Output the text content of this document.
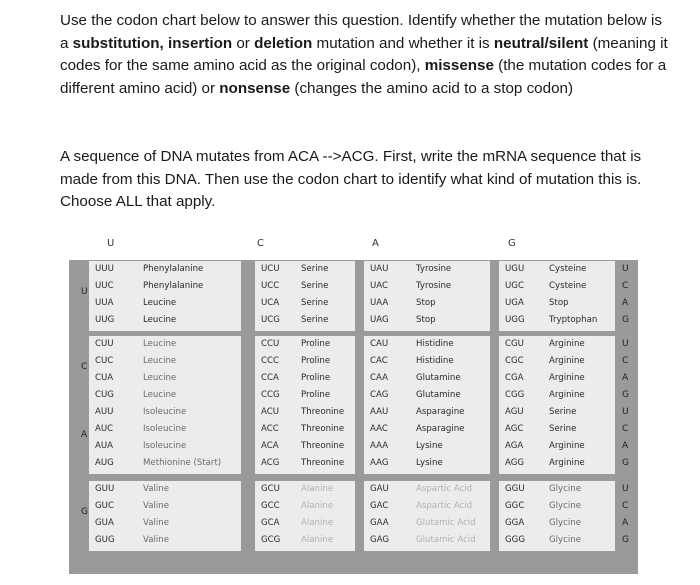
Use the codon chart below to answer this question. Identify whether the mutation below is a substitution, insertion or deletion mutation and whether it is neutral/silent (meaning it codes for the same amino acid as the original codon), missense (the mutation codes for a different amino acid) or nonsense (changes the amino acid to a stop codon)
A sequence of DNA mutates from ACA -->ACG. First, write the mRNA sequence that is made from this DNA. Then use the codon chart to identify what kind of mutation this is. Choose ALL that apply.
U	C	A	G
U
UUU	Phenylalanine
UUC	Phenylalanine
UUA	Leucine
UUG	Leucine
UCU Serine
UCC	Serine
UCA	Serine
UCG Serine
UAU	Tyrosine
UAC	Tyrosine
UAA	Stop
UAG	Stop
UGU	Cysteine
UGC	Cysteine
UGA	Stop
UGG	Tryptophan
U
C
A
G
C
CUU	Leucine
CUC	Leucine
CUA	Leucine
CUG	Leucine
CCU	Proline
CCC	Proline
CCA	Proline
CCG Proline
CAU	Histidine
CAC	Histidine
CAA	Glutamine
CAG	Glutamine
CGU	Arginine
CGC	Arginine
CGA	Arginine
CGG	Arginine
U
C
A
G
A
AUU	Isoleucine
AUC	Isoleucine
AUA	Isoleucine
AUG	Methionine (Start)
ACU	Threonine
ACC	Threonine
ACA	Threonine
ACG	Threonine
AAU	Asparagine
AAC	Asparagine
AAA	Lysine
AAG	Lysine
AGU	Serine
AGC	Serine
AGA	Arginine
AGG	Arginine
U
C
A
G
G
GUU	Valine
GUC	Valine
GUA	Valine
GUG	Valine
GCU Alanine
GCC Alanine
GCA Alanine
GCG Alanine
GAU	Aspartic Acid
GAC	Aspartic Acid
GAA	Glutamic Acid
GAG	Glutamic Acid
GGU	Glycine
GGC	Glycine
GGA	Glycine
GGG	Glycine
U
C
A
G
